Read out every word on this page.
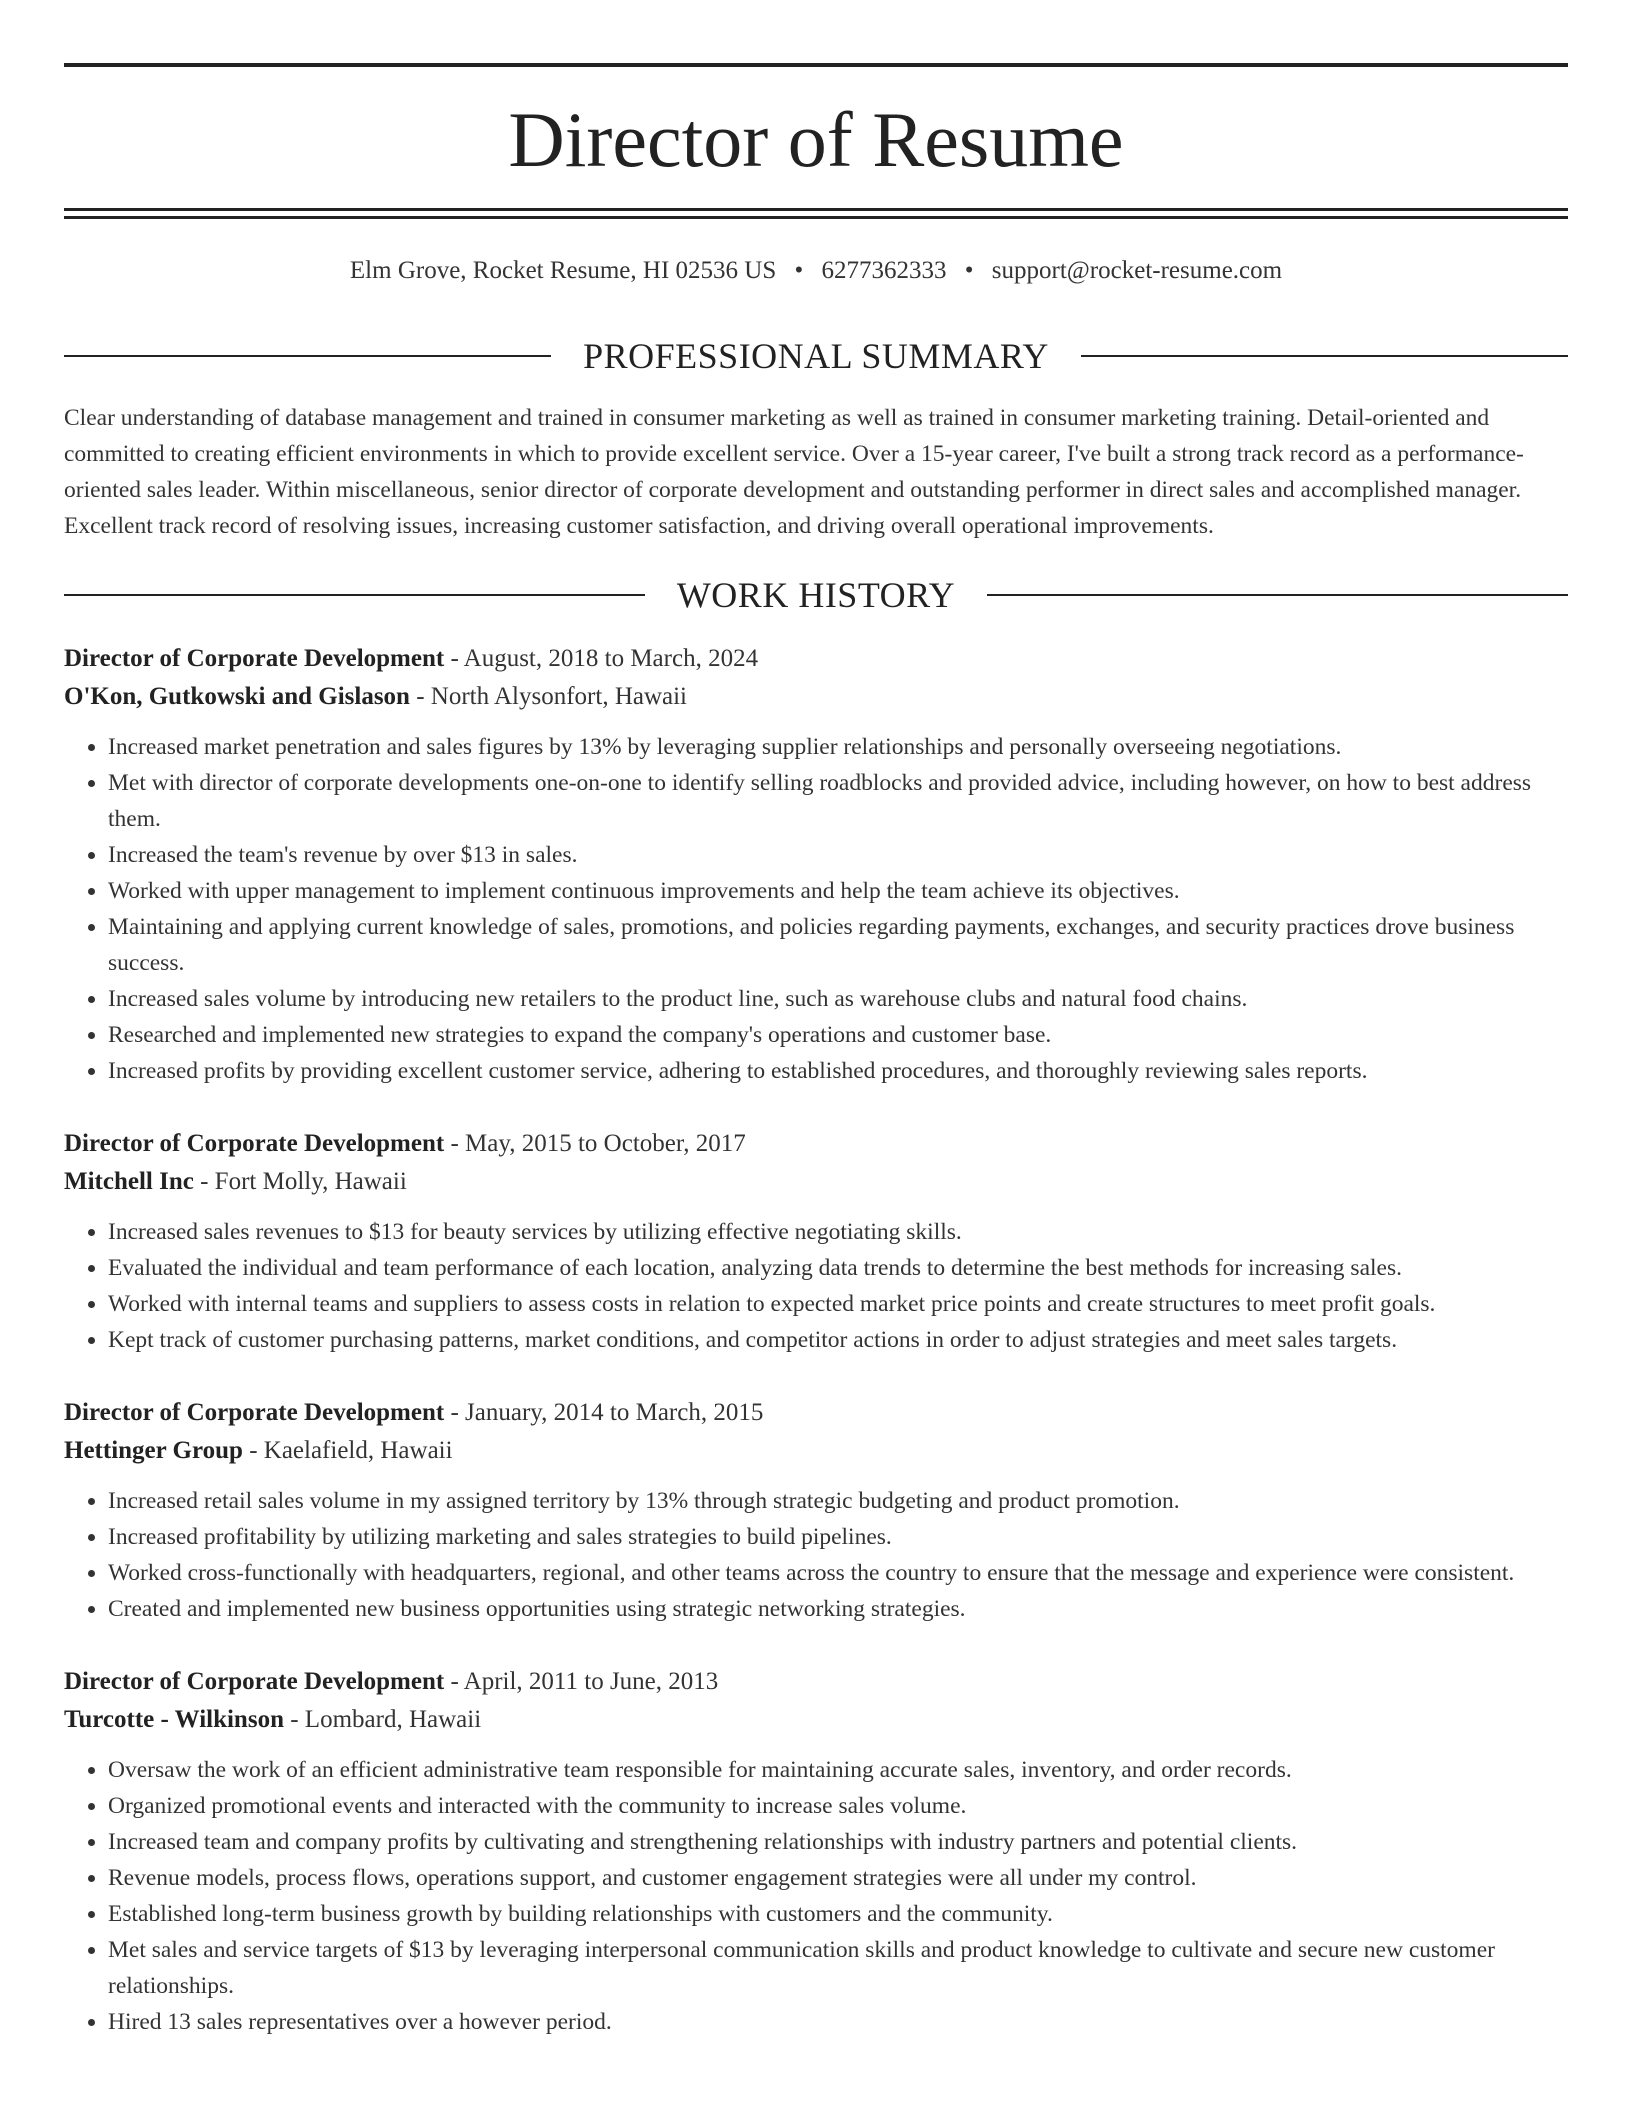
Director of Resume
Elm Grove, Rocket Resume, HI 02536 US • 6277362333 • support@rocket-resume.com
PROFESSIONAL SUMMARY

Clear understanding of database management and trained in consumer marketing as well as trained in consumer marketing training. Detail-oriented and committed to creating efficient environments in which to provide excellent service. Over a 15-year career, I've built a strong track record as a performance-oriented sales leader. Within miscellaneous, senior director of corporate development and outstanding performer in direct sales and accomplished manager. Excellent track record of resolving issues, increasing customer satisfaction, and driving overall operational improvements.

WORK HISTORY
Director of Corporate Development - August, 2018 to March, 2024
O'Kon, Gutkowski and Gislason - North Alysonfort, Hawaii
• Increased market penetration and sales figures by 13% by leveraging supplier relationships and personally overseeing negotiations.
• Met with director of corporate developments one-on-one to identify selling roadblocks and provided advice, including however, on how to best address them.
• Increased the team's revenue by over $13 in sales.
• Worked with upper management to implement continuous improvements and help the team achieve its objectives.
• Maintaining and applying current knowledge of sales, promotions, and policies regarding payments, exchanges, and security practices drove business success.
• Increased sales volume by introducing new retailers to the product line, such as warehouse clubs and natural food chains.
• Researched and implemented new strategies to expand the company's operations and customer base.
• Increased profits by providing excellent customer service, adhering to established procedures, and thoroughly reviewing sales reports.
Director of Corporate Development - May, 2015 to October, 2017
Mitchell Inc - Fort Molly, Hawaii
• Increased sales revenues to $13 for beauty services by utilizing effective negotiating skills.
• Evaluated the individual and team performance of each location, analyzing data trends to determine the best methods for increasing sales.
• Worked with internal teams and suppliers to assess costs in relation to expected market price points and create structures to meet profit goals.
• Kept track of customer purchasing patterns, market conditions, and competitor actions in order to adjust strategies and meet sales targets.
Director of Corporate Development - January, 2014 to March, 2015
Hettinger Group - Kaelafield, Hawaii
• Increased retail sales volume in my assigned territory by 13% through strategic budgeting and product promotion.
• Increased profitability by utilizing marketing and sales strategies to build pipelines.
• Worked cross-functionally with headquarters, regional, and other teams across the country to ensure that the message and experience were consistent.
• Created and implemented new business opportunities using strategic networking strategies.
Director of Corporate Development - April, 2011 to June, 2013
Turcotte - Wilkinson - Lombard, Hawaii
• Oversaw the work of an efficient administrative team responsible for maintaining accurate sales, inventory, and order records.
• Organized promotional events and interacted with the community to increase sales volume.
• Increased team and company profits by cultivating and strengthening relationships with industry partners and potential clients.
• Revenue models, process flows, operations support, and customer engagement strategies were all under my control.
• Established long-term business growth by building relationships with customers and the community.
• Met sales and service targets of $13 by leveraging interpersonal communication skills and product knowledge to cultivate and secure new customer relationships.
• Hired 13 sales representatives over a however period.
